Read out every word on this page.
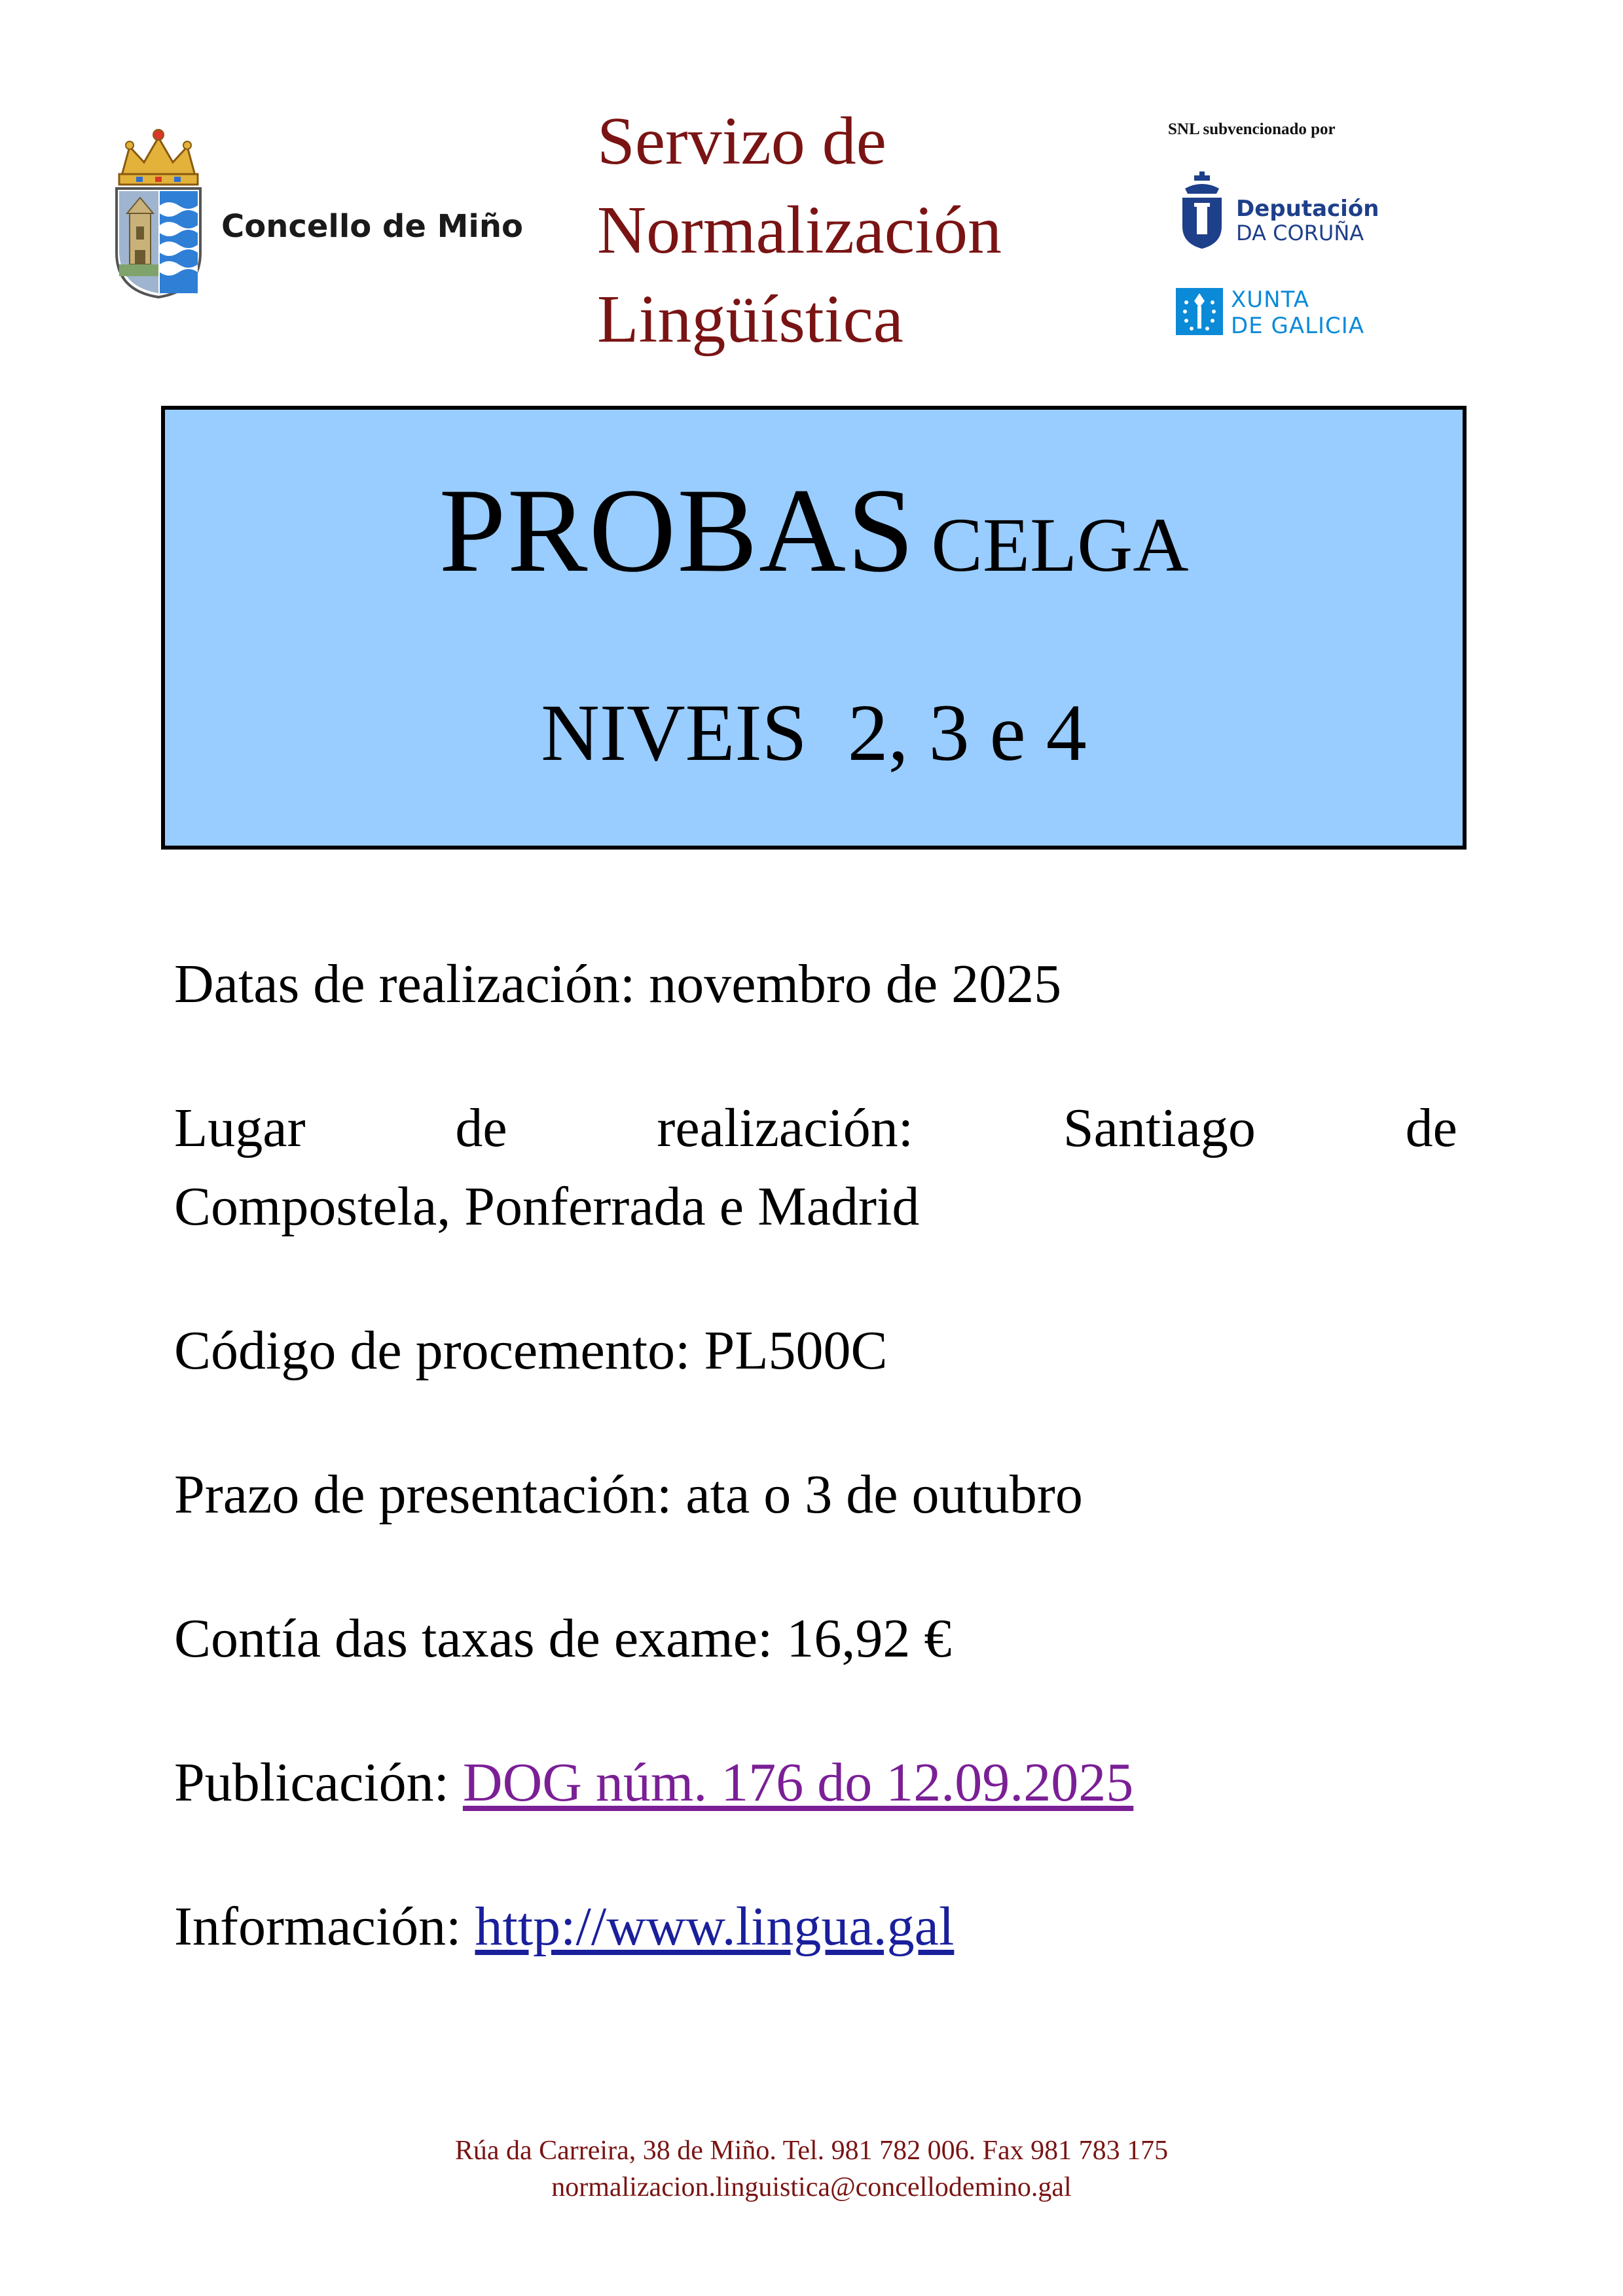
Concello de Miño
Servizo de
Normalización
Lingüística
SNL subvencionado por
Deputación
DA CORUÑA
XUNTA
DE GALICIA
PROBAS CELGA
NIVEIS  2, 3 e 4
Datas de realización: novembro de 2025
Lugar	de	realización:	Santiago	de
Compostela, Ponferrada e Madrid
Código de procemento: PL500C
Prazo de presentación: ata o 3 de outubro
Contía das taxas de exame: 16,92 €
Publicación: DOG núm. 176 do 12.09.2025
Información: http://www.lingua.gal
Rúa da Carreira, 38 de Miño. Tel. 981 782 006. Fax 981 783 175
normalizacion.linguistica@concellodemino.gal
